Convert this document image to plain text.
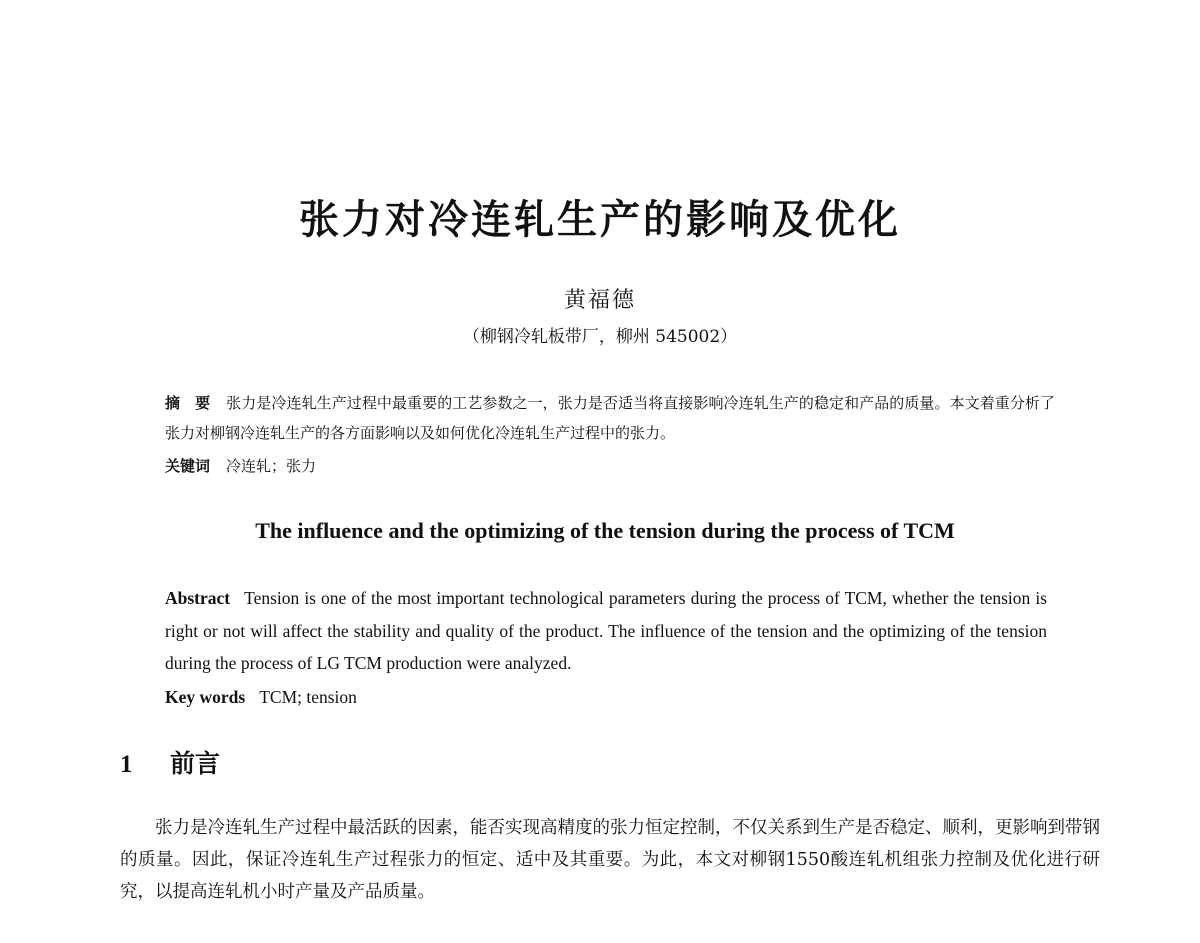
张力对冷连轧生产的影响及优化
黄福德
（柳钢冷轧板带厂，柳州 545002）
摘　要 张力是冷连轧生产过程中最重要的工艺参数之一，张力是否适当将直接影响冷连轧生产的稳定和产品的质量。本文着重分析了张力对柳钢冷连轧生产的各方面影响以及如何优化冷连轧生产过程中的张力。
关键词 冷连轧；张力
The influence and the optimizing of the tension during the process of TCM
Abstract Tension is one of the most important technological parameters during the process of TCM, whether the tension is right or not will affect the stability and quality of the product. The influence of the tension and the optimizing of the tension during the process of LG TCM production were analyzed.
Key words TCM; tension
1 前言
张力是冷连轧生产过程中最活跃的因素，能否实现高精度的张力恒定控制，不仅关系到生产是否稳定、顺利，更影响到带钢的质量。因此，保证冷连轧生产过程张力的恒定、适中及其重要。为此，本文对柳钢1550酸连轧机组张力控制及优化进行研究，以提高连轧机小时产量及产品质量。
